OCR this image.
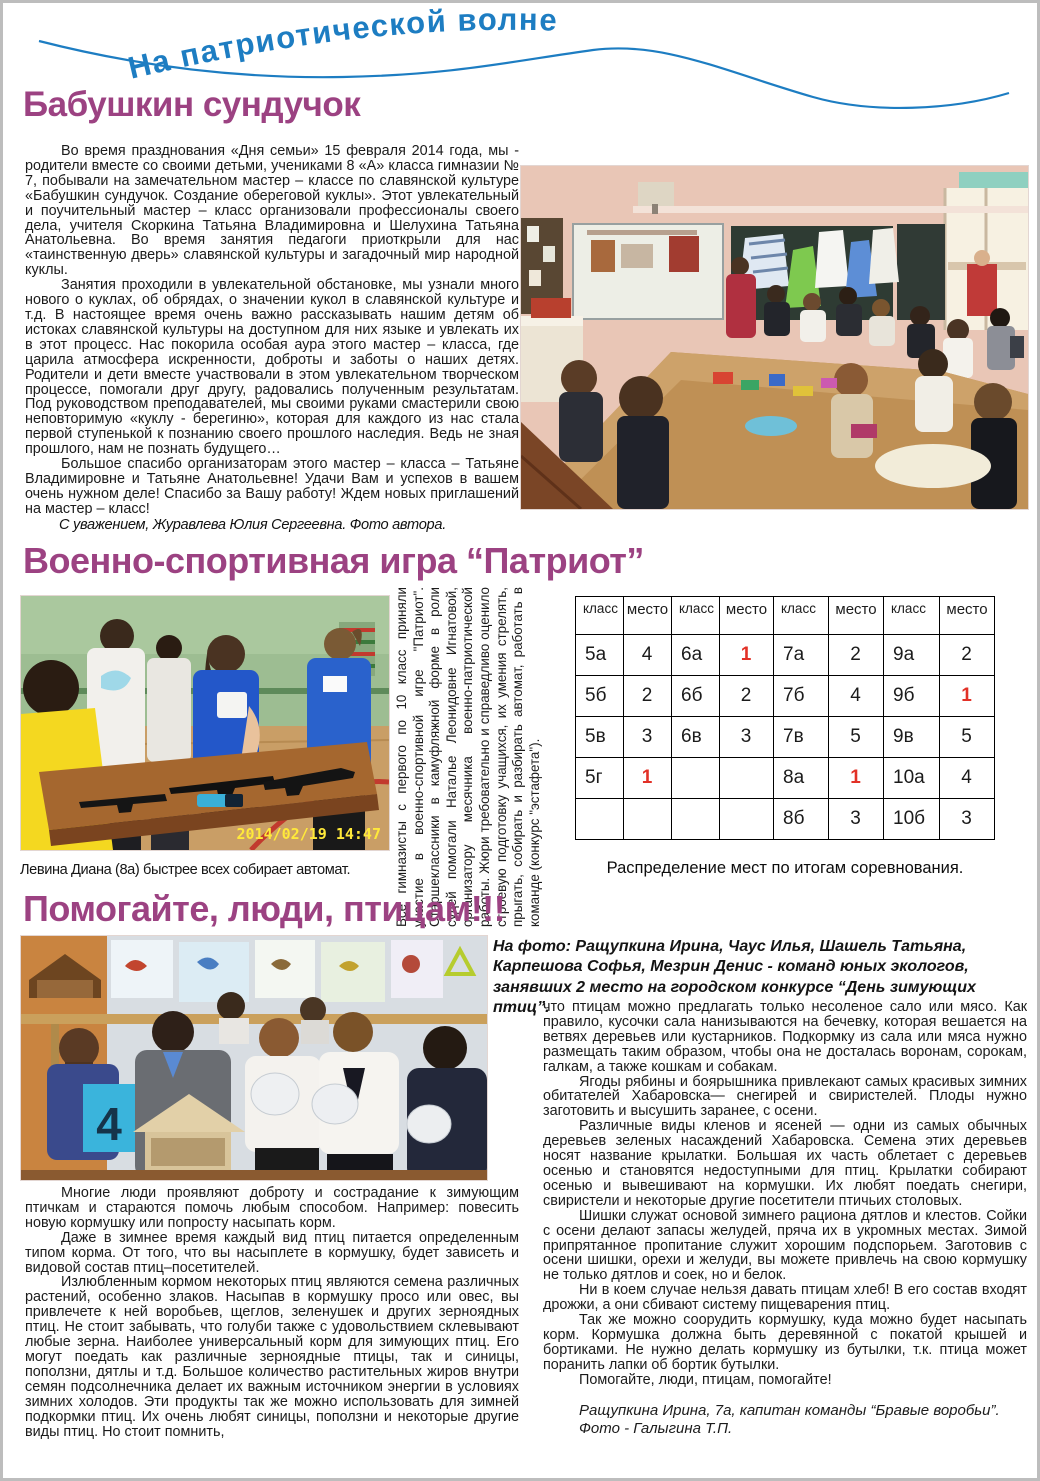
На патриотической волне
Бабушкин сундучок

Во время празднования «Дня семьи» 15 февраля 2014 года, мы - родители вместе со своими детьми, учениками 8 «А» класса гимназии № 7, побывали на замечательном мастер – классе по славянской культуре «Бабушкин сундучок. Создание обереговой куклы». Этот увлекательный и поучительный мастер – класс организовали профессионалы своего дела, учителя Скоркина Татьяна Владимировна и Шелухина Татьяна Анатольевна. Во время занятия педагоги приоткрыли для нас «таинственную дверь» славянской культуры и загадочный мир народной куклы.

Занятия проходили в увлекательной обстановке, мы узнали много нового о куклах, об обрядах, о значении кукол в славянской культуре и т.д. В настоящее время очень важно рассказывать нашим детям об истоках славянской культуры на доступном для них языке и увлекать их в этот процесс. Нас покорила особая аура этого мастер – класса, где царила атмосфера искренности, доброты и заботы о наших детях. Родители и дети вместе участвовали в этом увлекательном творческом процессе, помогали друг другу, радовались полученным результатам. Под руководством преподавателей, мы своими руками смастерили свою неповторимую «куклу - берегиню», которая для каждого из нас стала первой ступенькой к познанию своего прошлого наследия. Ведь не зная прошлого, нам не познать будущего…

Большое спасибо организаторам этого мастер – класса – Татьяне Владимировне и Татьяне Анатольевне! Удачи Вам и успехов в вашем очень нужном деле! Спасибо за Вашу работу! Ждем новых приглашений на мастер – класс!

С уважением, Журавлева Юлия Сергеевна. Фото автора.
Военно-спортивная игра “Патриот”
2014/02/19 14:47
Левина Диана (8а) быстрее всех собирает автомат.	Все гимназисты с первого по 10 класс приняли участие в военно-спортивной игре "Патриот". Старшеклассники в камуфляжной форме в роли судей помогали Наталье Леонидовне Игнатовой, организатору месячника военно-патриотической работы. Жюри требовательно и справедливо оценило строевую подготовку учащихся, их умения стрелять, прыгать, собирать и разбирать автомат, работать в команде (конкурс "эстафета").

класс	место	класс	место	класс	место	класс	место
5а	4	6а	1	7а	2	9а	2
5б	2	6б	2	7б	4	9б	1
5в	3	6в	3	7в	5	9в	5
5г	1			8а	1	10а	4
				8б	3	10б	3
Распределение мест по итогам соревнования.
Помогайте, люди, птицам!!!
4
На фото: Ращупкина Ирина, Чаус Илья, Шашель Татьяна, Карпешова Софья, Мезрин Денис - команд юных экологов, занявших 2 место на городском конкурсе “День зимующих птиц”.

что птицам можно предлагать только несоленое сало или мясо. Как правило, кусочки сала нанизываются на бечевку, которая вешается на ветвях деревьев или кустарников. Подкормку из сала или мяса нужно размещать таким образом, чтобы она не досталась воронам, сорокам, галкам, а также кошкам и собакам.

Ягоды рябины и боярышника привлекают самых красивых зимних обитателей Хабаровска— снегирей и свиристелей. Плоды нужно заготовить и высушить заранее, с осени.

Различные виды кленов и ясеней — одни из самых обычных деревьев зеленых насаждений Хабаровска. Семена этих деревьев носят название крылатки. Большая их часть облетает с деревьев осенью и становятся недоступными для птиц. Крылатки собирают осенью и вывешивают на кормушки. Их любят поедать снегири, свиристели и некоторые другие посетители птичьих столовых.

Шишки служат основой зимнего рациона дятлов и клестов. Сойки с осени делают запасы желудей, пряча их в укромных местах. Зимой припрятанное пропитание служит хорошим подспорьем. Заготовив с осени шишки, орехи и желуди, вы можете привлечь на свою кормушку не только дятлов и соек, но и белок.

Ни в коем случае нельзя давать птицам хлеб! В его состав входят дрожжи, а они сбивают систему пищеварения птиц.

Так же можно соорудить кормушку, куда можно будет насыпать корм. Кормушка должна быть деревянной с покатой крышей и бортиками. Не нужно делать кормушку из бутылки, т.к. птица может поранить лапки об бортик бутылки.

Помогайте, люди, птицам, помогайте!

Ращупкина Ирина, 7а, капитан команды “Бравые воробьи”.

Фото - Галыгина Т.П.

Многие люди проявляют доброту и сострадание к зимующим птичкам и стараются помочь любым способом. Например: повесить новую кормушку или попросту насыпать корм.

Даже в зимнее время каждый вид птиц питается определенным типом корма. От того, что вы насыплете в кормушку, будет зависеть и видовой состав птиц–посетителей.

Излюбленным кормом некоторых птиц являются семена различных растений, особенно злаков. Насыпав в кормушку просо или овес, вы привлечете к ней воробьев, щеглов, зеленушек и других зерноядных птиц. Не стоит забывать, что голуби также с удовольствием склевывают любые зерна. Наиболее универсальный корм для зимующих птиц. Его могут поедать как различные зерноядные птицы, так и синицы, поползни, дятлы и т.д. Большое количество растительных жиров внутри семян подсолнечника делает их важным источником энергии в условиях зимних холодов. Эти продукты так же можно использовать для зимней подкормки птиц. Их очень любят синицы, поползни и некоторые другие виды птиц. Но стоит помнить,
